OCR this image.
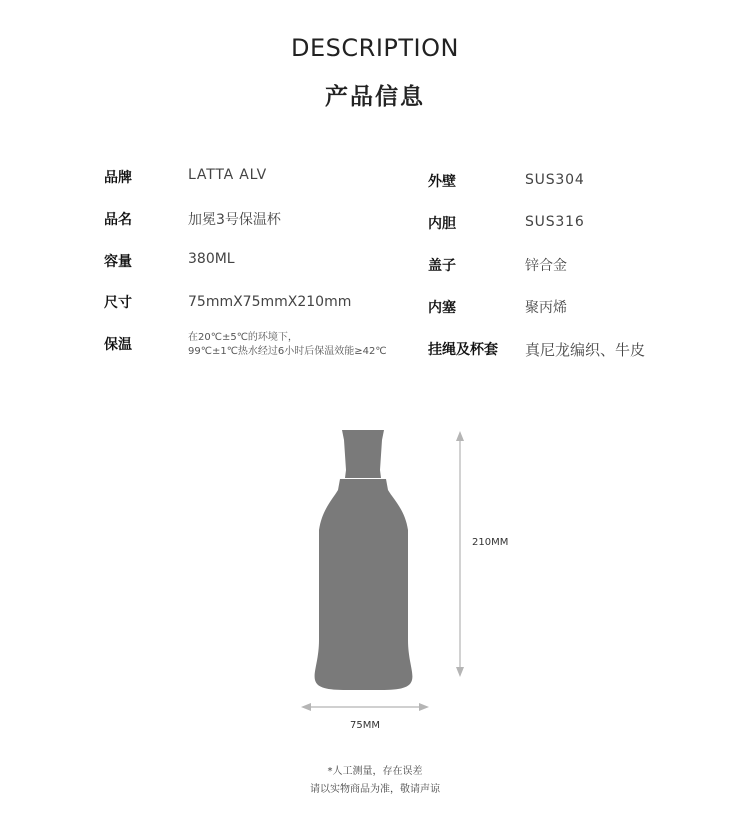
DESCRIPTION
产品信息
品牌	LATTA ALV
品名	加冕3号保温杯
容量	380ML
尺寸	75mmX75mmX210mm
保温	在20℃±5℃的环境下，
99℃±1℃热水经过6小时后保温效能≥42℃
外壁	SUS304
内胆	SUS316
盖子	锌合金
内塞	聚丙烯
挂绳及杯套 真尼龙编织、牛皮
210MM
75MM
*人工测量，存在误差
请以实物商品为准，敬请声谅
